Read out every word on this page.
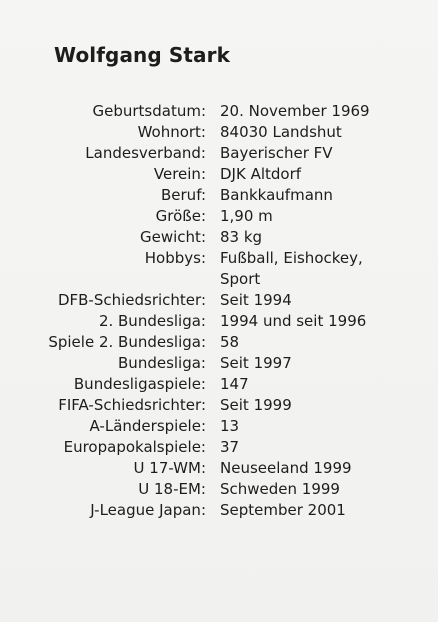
Wolfgang Stark
Geburtsdatum: 20. November 1969
Wohnort: 84030 Landshut
Landesverband: Bayerischer FV
Verein: DJK Altdorf
Beruf: Bankkaufmann
Größe: 1,90 m
Gewicht: 83 kg
Hobbys: Fußball, Eishockey, Sport
DFB-Schiedsrichter: Seit 1994
2. Bundesliga: 1994 und seit 1996
Spiele 2. Bundesliga: 58
Bundesliga: Seit 1997
Bundesligaspiele: 147
FIFA-Schiedsrichter: Seit 1999
A-Länderspiele: 13
Europapokalspiele: 37
U 17-WM: Neuseeland 1999
U 18-EM: Schweden 1999
J-League Japan: September 2001
